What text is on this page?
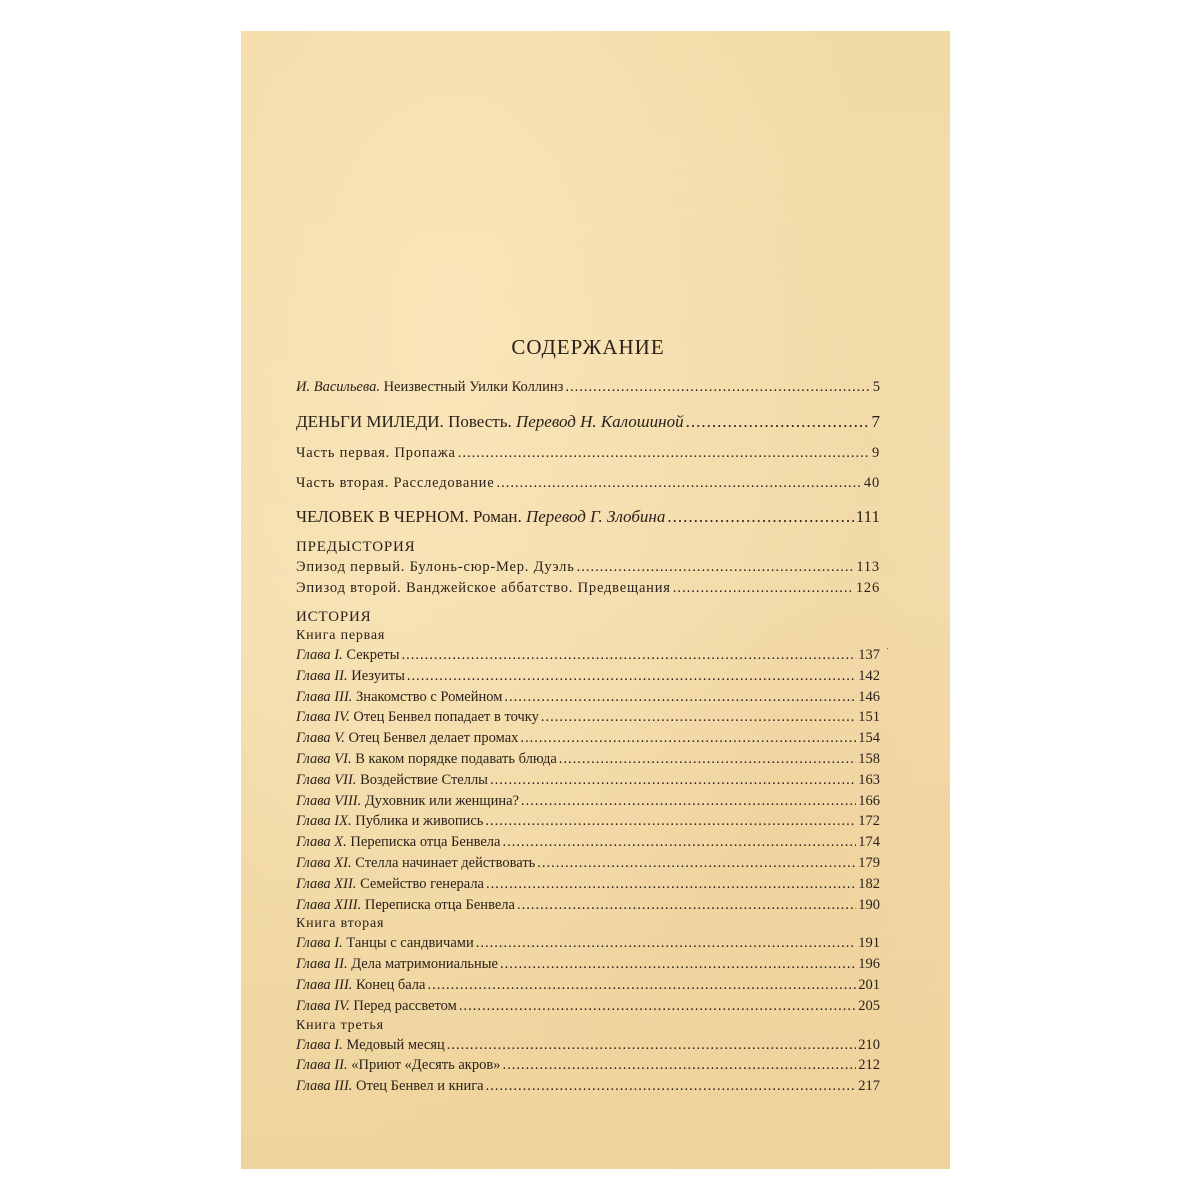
СОДЕРЖАНИЕ
И. Васильева. Неизвестный Уилки Коллинз .....	5
ДЕНЬГИ МИЛЕДИ. Повесть. Перевод Н. Калошиной .....	7
Часть первая. Пропажа .....	9
Часть вторая. Расследование .....	40
ЧЕЛОВЕК В ЧЕРНОМ. Роман. Перевод Г. Злобина .....	111
ПРЕДЫСТОРИЯ
Эпизод первый. Булонь-сюр-Мер. Дуэль .....	113
Эпизод второй. Ванджейское аббатство. Предвещания .....	126
ИСТОРИЯ
Книга первая
Глава I. Секреты .....	137
Глава II. Иезуиты .....	142
Глава III. Знакомство с Ромейном .....	146
Глава IV. Отец Бенвел попадает в точку .....	151
Глава V. Отец Бенвел делает промах .....	154
Глава VI. В каком порядке подавать блюда .....	158
Глава VII. Воздействие Стеллы .....	163
Глава VIII. Духовник или женщина? .....	166
Глава IX. Публика и живопись .....	172
Глава X. Переписка отца Бенвела .....	174
Глава XI. Стелла начинает действовать .....	179
Глава XII. Семейство генерала .....	182
Глава XIII. Переписка отца Бенвела .....	190
Книга вторая
Глава I. Танцы с сандвичами .....	191
Глава II. Дела матримониальные .....	196
Глава III. Конец бала .....	201
Глава IV. Перед рассветом .....	205
Книга третья
Глава I. Медовый месяц .....	210
Глава II. «Приют «Десять акров» .....	212
Глава III. Отец Бенвел и книга .....	217
·
